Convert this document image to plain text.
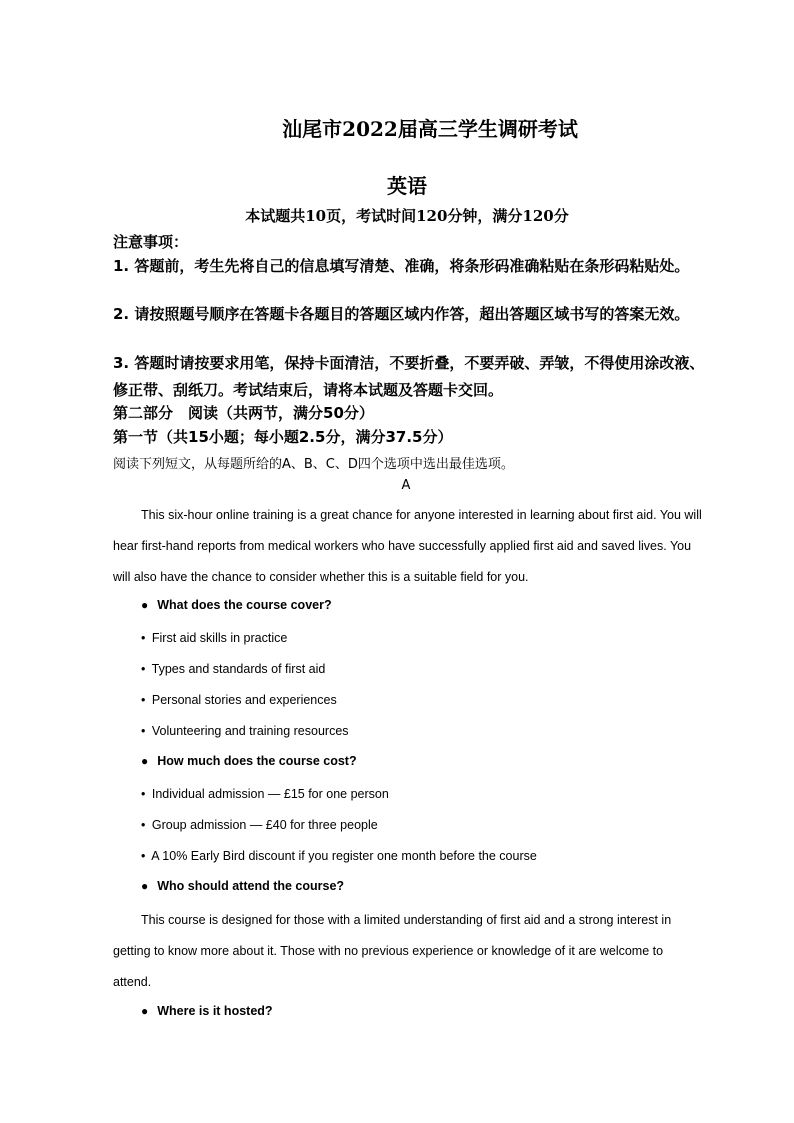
汕尾市2022届高三学生调研考试
英语
本试题共10页，考试时间120分钟，满分120分
注意事项：
1. 答题前，考生先将自己的信息填写清楚、准确，将条形码准确粘贴在条形码粘贴处。
2. 请按照题号顺序在答题卡各题目的答题区域内作答，超出答题区域书写的答案无效。
3. 答题时请按要求用笔，保持卡面清洁，不要折叠，不要弄破、弄皱，不得使用涂改液、修正带、刮纸刀。考试结束后，请将本试题及答题卡交回。
第二部分　阅读（共两节，满分50分）
第一节（共15小题；每小题2.5分，满分37.5分）
阅读下列短文，从每题所给的A、B、C、D四个选项中选出最佳选项。
A
This six-hour online training is a great chance for anyone interested in learning about first aid. You will hear first-hand reports from medical workers who have successfully applied first aid and saved lives. You will also have the chance to consider whether this is a suitable field for you.
● What does the course cover?
• First aid skills in practice
• Types and standards of first aid
• Personal stories and experiences
• Volunteering and training resources
● How much does the course cost?
• Individual admission — £15 for one person
• Group admission — £40 for three people
• A 10% Early Bird discount if you register one month before the course
● Who should attend the course?
This course is designed for those with a limited understanding of first aid and a strong interest in getting to know more about it. Those with no previous experience or knowledge of it are welcome to attend.
● Where is it hosted?
